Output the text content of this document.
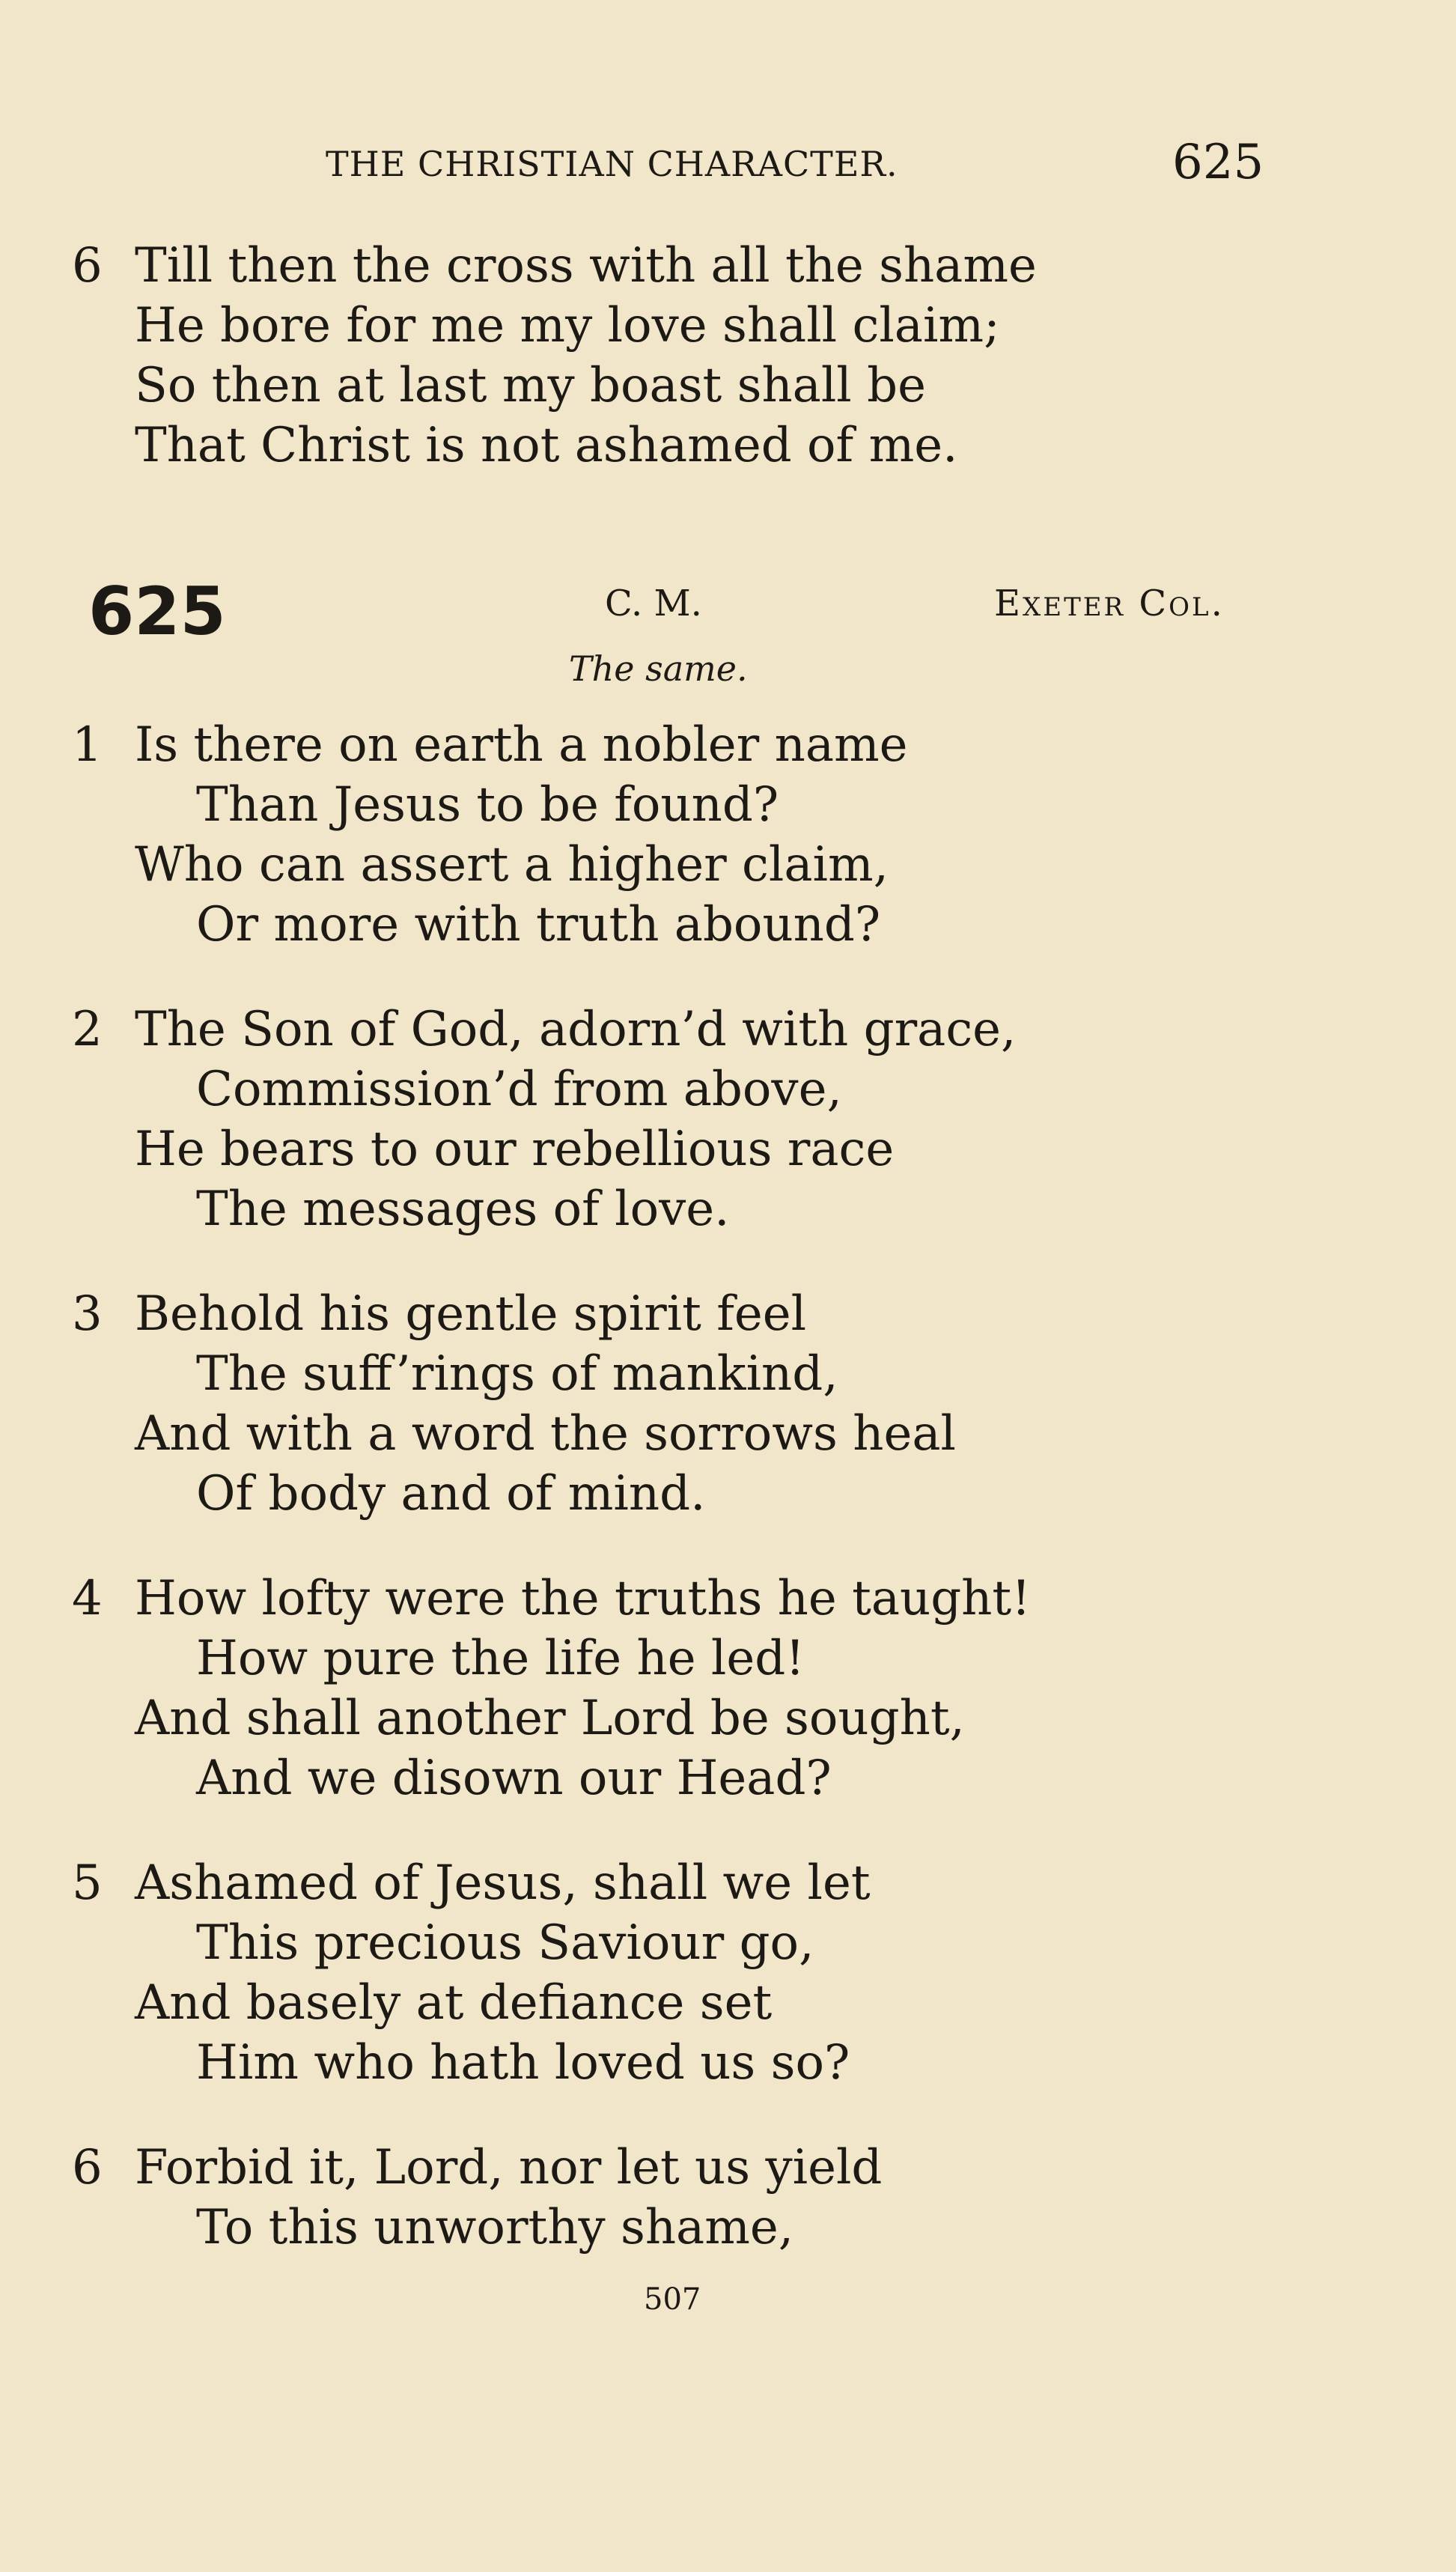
THE CHRISTIAN CHARACTER.	625
6 Till then the cross with all the shame
He bore for me my love shall claim;
So then at last my boast shall be
That Christ is not ashamed of me.
625	C. M.	Exeter Col.
The same.
1 Is there on earth a nobler name
Than Jesus to be found?
Who can assert a higher claim,
Or more with truth abound?
2 The Son of God, adorn’d with grace,
Commission’d from above,
He bears to our rebellious race
The messages of love.
3 Behold his gentle spirit feel
The suff’rings of mankind,
And with a word the sorrows heal
Of body and of mind.
4 How lofty were the truths he taught!
How pure the life he led!
And shall another Lord be sought,
And we disown our Head?
5 Ashamed of Jesus, shall we let
This precious Saviour go,
And basely at defiance set
Him who hath loved us so?
6 Forbid it, Lord, nor let us yield
To this unworthy shame,
507
